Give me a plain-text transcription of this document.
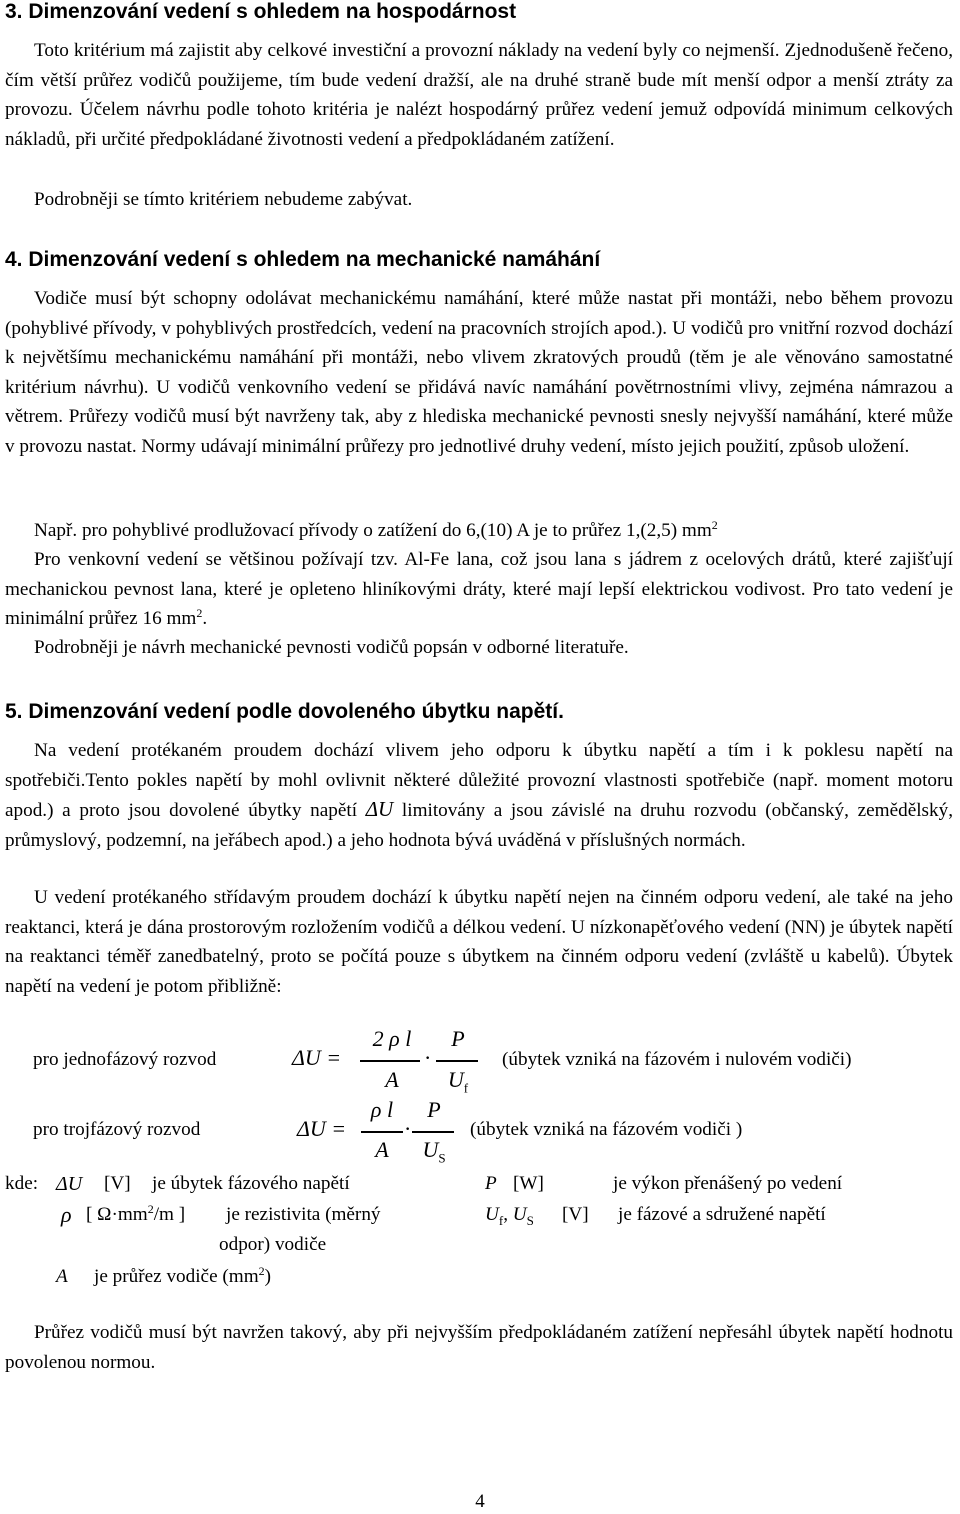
3. Dimenzování vedení s ohledem na hospodárnost

Toto kritérium má zajistit aby celkové investiční a provozní náklady na vedení byly co nejmenší. Zjednodušeně řečeno, čím větší průřez vodičů použijeme, tím bude vedení dražší, ale na druhé straně bude mít menší odpor a menší ztráty za provozu. Účelem návrhu podle tohoto kritéria je nalézt hospodárný průřez vedení jemuž odpovídá minimum celkových nákladů, při určité předpokládané životnosti vedení a předpokládaném zatížení.

Podrobněji se tímto kritériem nebudeme zabývat.

4. Dimenzování vedení s ohledem na mechanické namáhání

Vodiče musí být schopny odolávat mechanickému namáhání, které může nastat při montáži, nebo během provozu (pohyblivé přívody, v pohyblivých prostředcích, vedení na pracovních strojích apod.). U vodičů pro vnitřní rozvod dochází k největšímu mechanickému namáhání při montáži, nebo vlivem zkratových proudů (těm je ale věnováno samostatné kritérium návrhu). U vodičů venkovního vedení se přidává navíc namáhání povětrnostními vlivy, zejména námrazou a větrem. Průřezy vodičů musí být navrženy tak, aby z hlediska mechanické pevnosti snesly nejvyšší namáhání, které může v provozu nastat. Normy udávají minimální průřezy pro jednotlivé druhy vedení, místo jejich použití, způsob uložení.

Např. pro pohyblivé prodlužovací přívody o zatížení do 6,(10) A je to průřez 1,(2,5) $mm^2$

Pro venkovní vedení se většinou požívají tzv. Al-Fe lana, což jsou lana s jádrem z ocelových drátů, které zajišťují mechanickou pevnost lana, které je opleteno hliníkovými dráty, které mají lepší elektrickou vodivost. Pro tato vedení je minimální průřez 16 $mm^2$.

Podrobněji je návrh mechanické pevnosti vodičů popsán v odborné literatuře.

5. Dimenzování vedení podle dovoleného úbytku napětí.

Na vedení protékaném proudem dochází vlivem jeho odporu k úbytku napětí a tím i k poklesu napětí na spotřebiči.Tento pokles napětí by mohl ovlivnit některé důležité provozní vlastnosti spotřebiče (např. moment motoru apod.) a proto jsou dovolené úbytky napětí ΔU limitovány a jsou závislé na druhu rozvodu (občanský, zemědělský, průmyslový, podzemní, na jeřábech apod.) a jeho hodnota bývá uváděná v příslušných normách.

U vedení protékaného střídavým proudem dochází k úbytku napětí nejen na činném odporu vedení, ale také na jeho reaktanci, která je dána prostorovým rozložením vodičů a délkou vedení. U nízkonapěťového vedení (NN) je úbytek napětí na reaktanci téměř zanedbatelný, proto se počítá pouze s úbytkem na činném odporu vedení (zvláště u kabelů). Úbytek napětí na vedení je potom přibližně:

pro jednofázový rozvod	ΔU =
2 ρ l
A
·
P
$U_f$
(úbytek vzniká na fázovém i nulovém vodiči)
pro trojfázový rozvod	ΔU =
ρ l
A
·
P
$U_S$
(úbytek vzniká na fázovém vodiči )
kde: ΔU [V] je úbytek fázového napětí	P [W]	je výkon přenášený po vedení
ρ [ $\Omega\cdot mm^2/m$ ] je rezistivita (měrný
odpor) vodiče
$U_f$, $U_S$ [V] je fázové a sdružené napětí
A je průřez vodiče $(mm^2)$

Průřez vodičů musí být navržen takový, aby při nejvyšším předpokládaném zatížení nepřesáhl úbytek napětí hodnotu povolenou normou.

4
